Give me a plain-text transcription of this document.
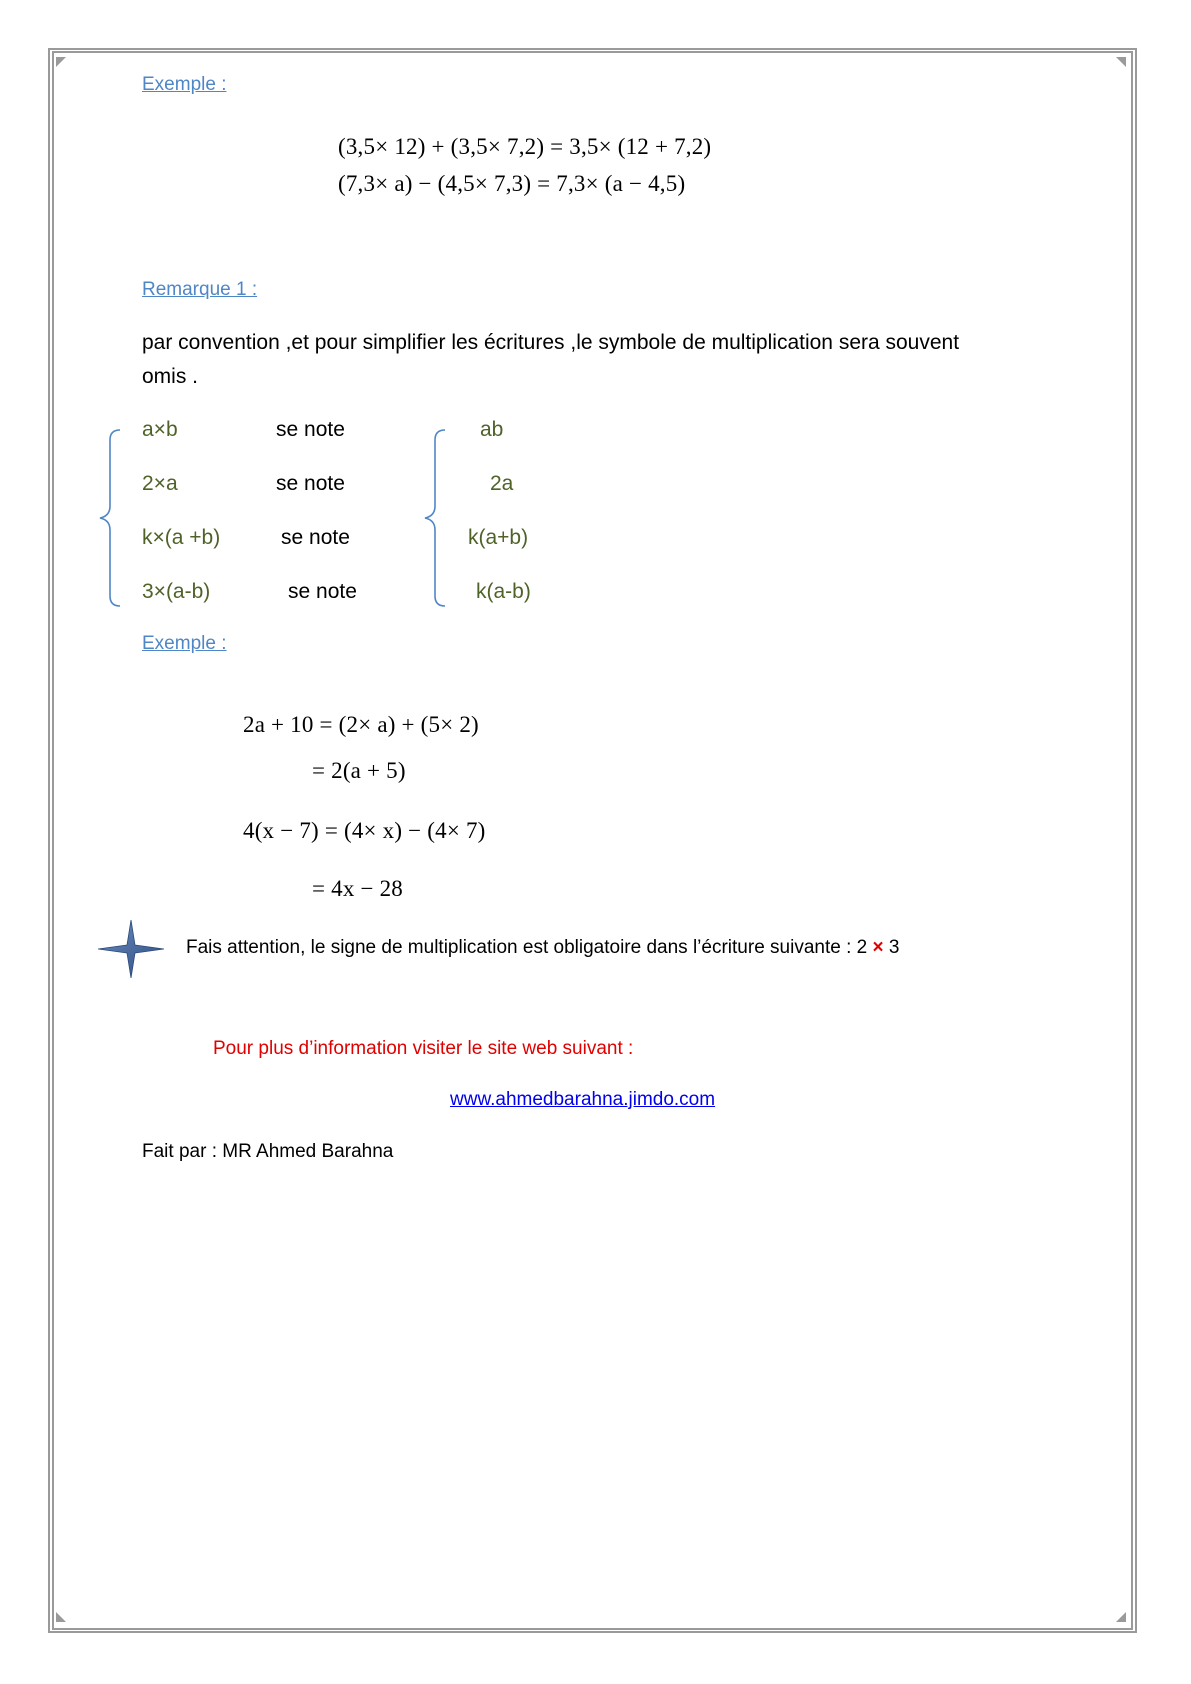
Exemple :
(3,5× 12) + (3,5× 7,2) = 3,5× (12 + 7,2)
(7,3× a) − (4,5× 7,3) = 7,3× (a − 4,5)
Remarque 1 :
par convention ,et pour simplifier les écritures ,le symbole de multiplication sera souvent
omis .
a×b	se note	ab
2×a	se note	2a
k×(a +b)	se note	k(a+b)
3×(a-b)	se note	k(a-b)
Exemple :
2a + 10 = (2× a) + (5× 2)
= 2(a + 5)
4(x − 7) = (4× x) − (4× 7)
= 4x − 28
Fais attention, le signe de multiplication est obligatoire dans l’écriture suivante : 2 × 3
Pour plus d’information visiter le site web suivant :
www.ahmedbarahna.jimdo.com
Fait par : MR Ahmed Barahna
